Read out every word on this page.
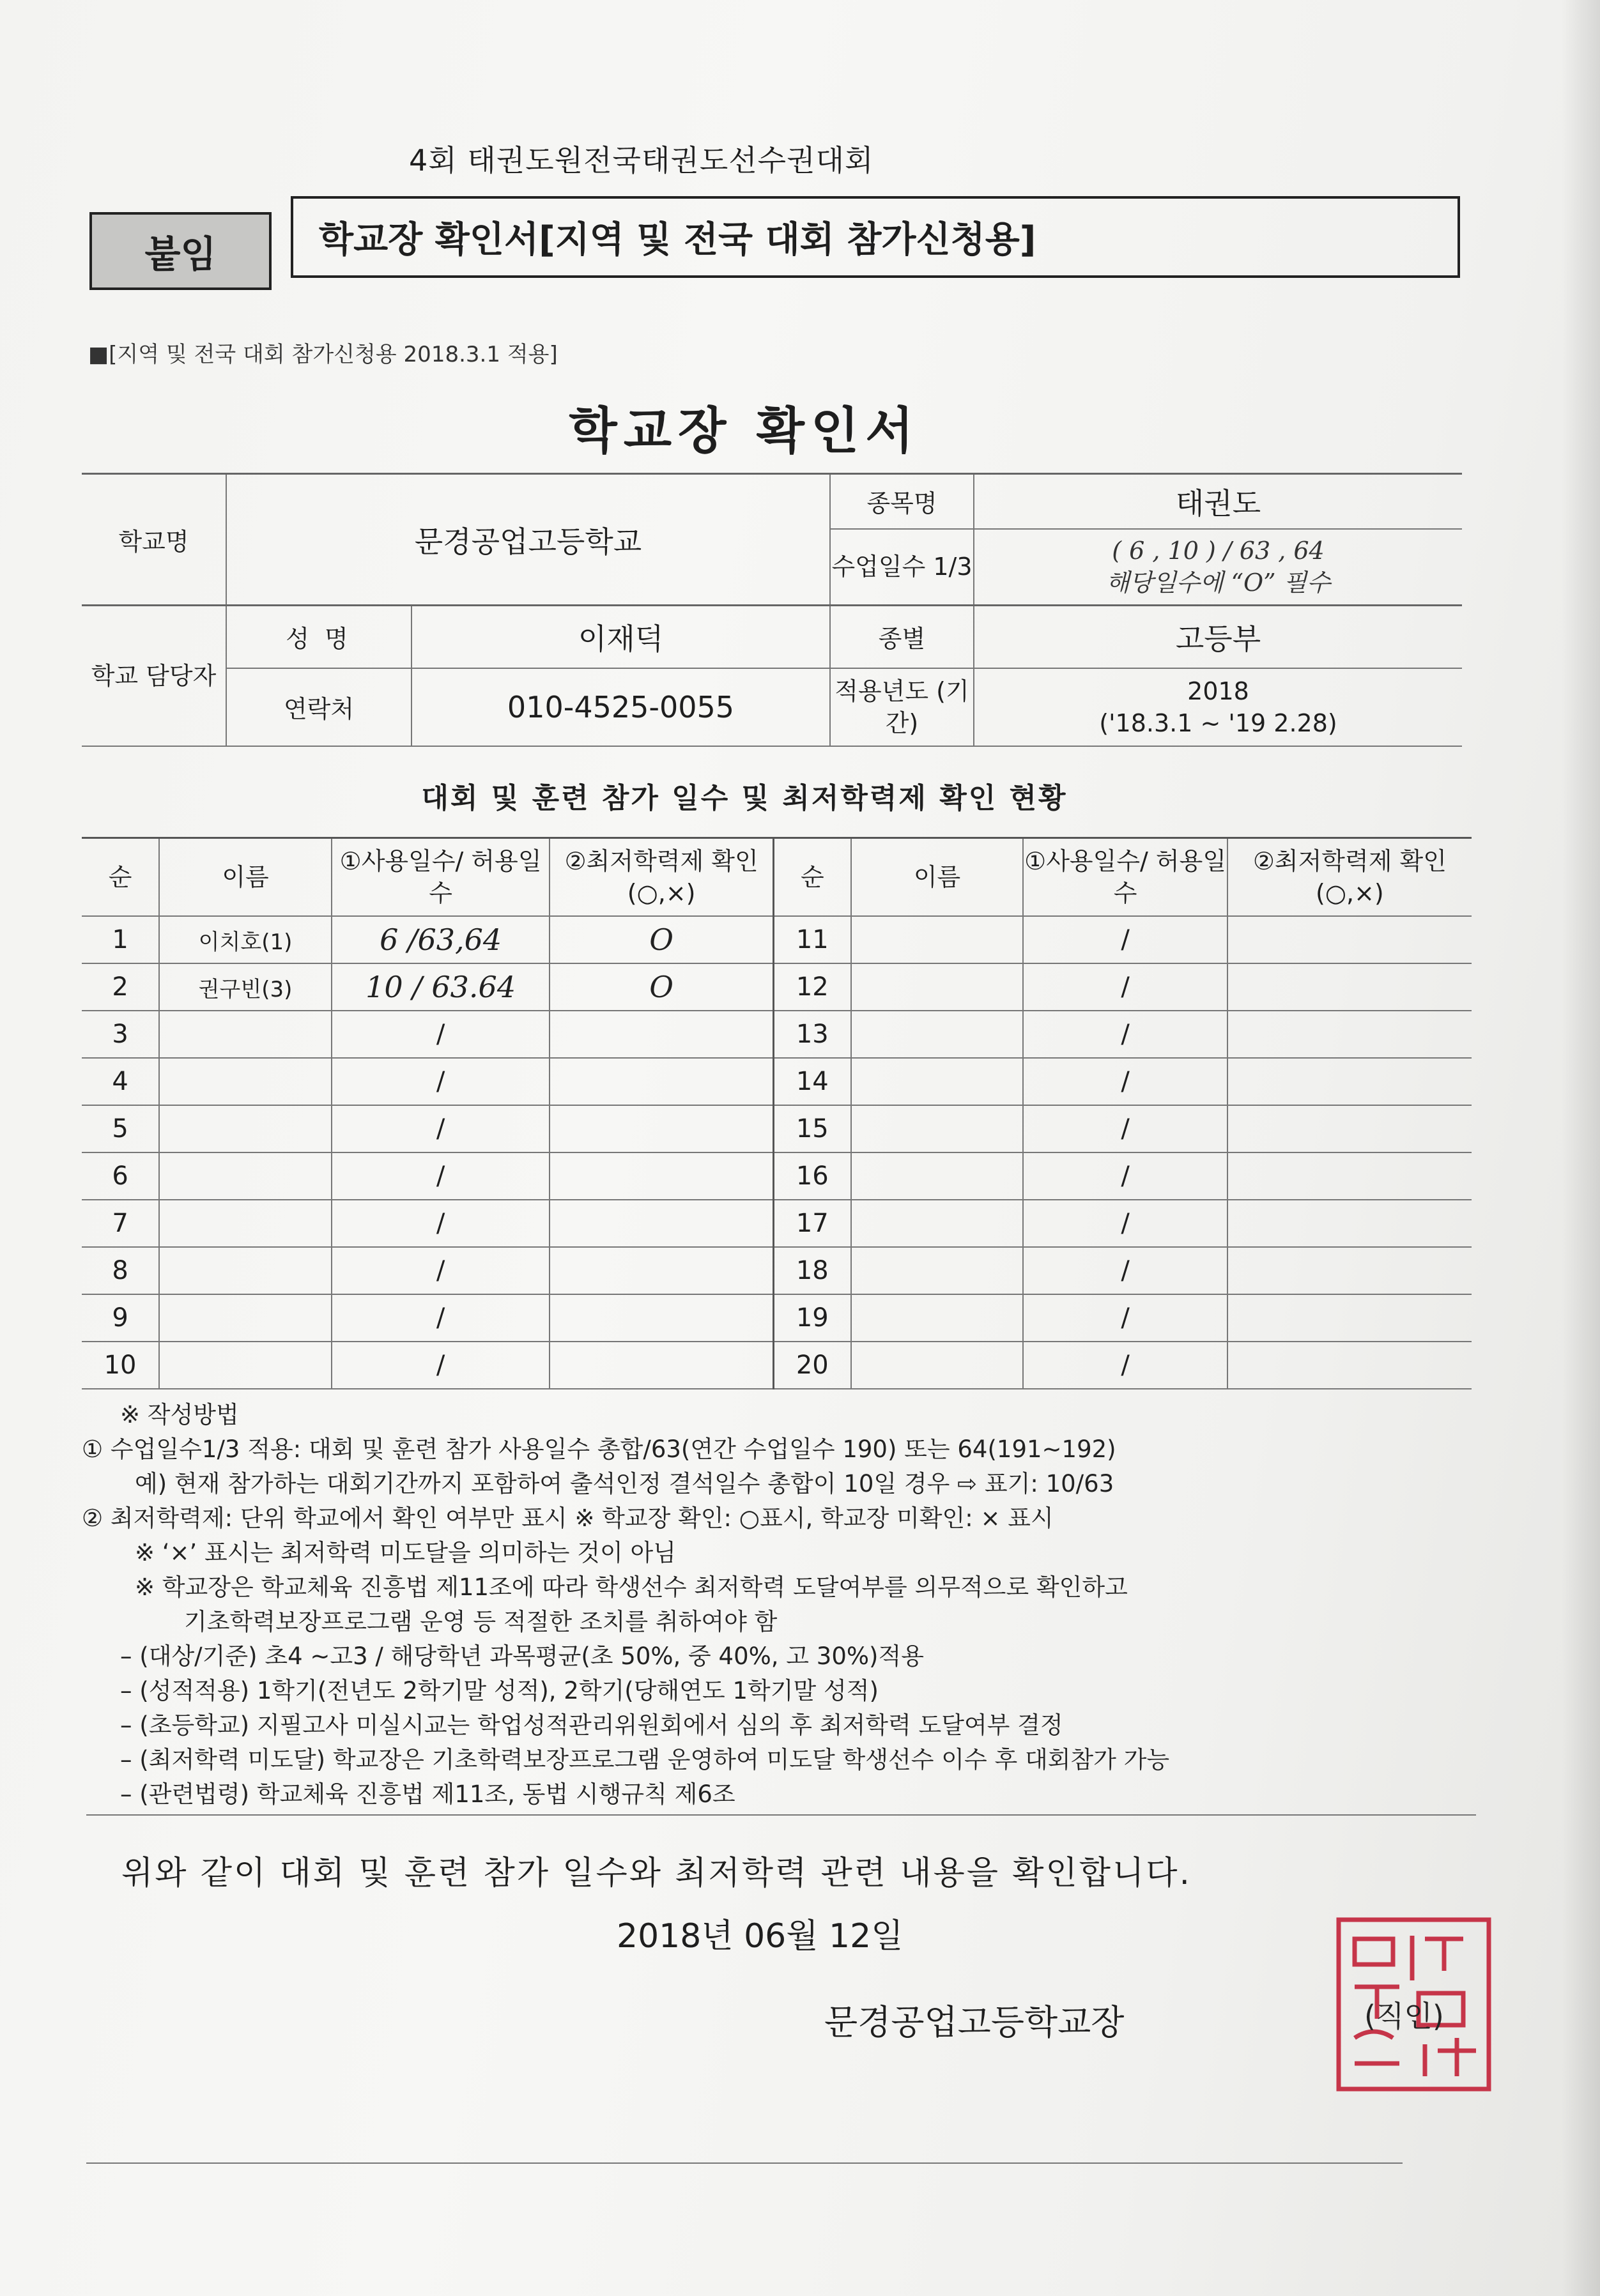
4회 태권도원전국태권도선수권대회
붙임	학교장 확인서[지역 및 전국 대회 참가신청용]
■[지역 및 전국 대회 참가신청용 2018.3.1 적용]
학교장 확인서
학교명	문경공업고등학교		종목명	태권도
			수업일수 1/3	( 6 , 10 ) / 63 , 64
해당일수에 “O” 필수

학교 담당자	성 명	이재덕	종별	고등부
	연락처	010-4525-0055	적용년도 (기간)	2018
('18.3.1 ~ '19 2.28)
대회 및 훈련 참가 일수 및 최저학력제 확인 현황
순	이름	①사용일수/ 허용일수	②최저학력제 확인(○,×)	순	이름	①사용일수/ 허용일수	②최저학력제 확인(○,×)
1	이치호(1)	6 /63,64	O	11		/	
2	권구빈(3)	10 / 63.64	O	12		/	
3		/		13		/	
4		/		14		/	
5		/		15		/	
6		/		16		/	
7		/		17		/	
8		/		18		/	
9		/		19		/	
10		/		20		/	
※ 작성방법
① 수업일수1/3 적용: 대회 및 훈련 참가 사용일수 총합/63(연간 수업일수 190) 또는 64(191~192)
예) 현재 참가하는 대회기간까지 포함하여 출석인정 결석일수 총합이 10일 경우 ⇨ 표기: 10/63
② 최저학력제: 단위 학교에서 확인 여부만 표시 ※ 학교장 확인: ○표시, 학교장 미확인: × 표시
※ ‘×’ 표시는 최저학력 미도달을 의미하는 것이 아님
※ 학교장은 학교체육 진흥법 제11조에 따라 학생선수 최저학력 도달여부를 의무적으로 확인하고
기초학력보장프로그램 운영 등 적절한 조치를 취하여야 함
– (대상/기준) 초4 ~고3 / 해당학년 과목평균(초 50%, 중 40%, 고 30%)적용
– (성적적용) 1학기(전년도 2학기말 성적), 2학기(당해연도 1학기말 성적)
– (초등학교) 지필고사 미실시교는 학업성적관리위원회에서 심의 후 최저학력 도달여부 결정
– (최저학력 미도달) 학교장은 기초학력보장프로그램 운영하여 미도달 학생선수 이수 후 대회참가 가능
– (관련법령) 학교체육 진흥법 제11조, 동법 시행규칙 제6조
위와 같이 대회 및 훈련 참가 일수와 최저학력 관련 내용을 확인합니다.
2018년 06월 12일
문경공업고등학교장	(직인)
